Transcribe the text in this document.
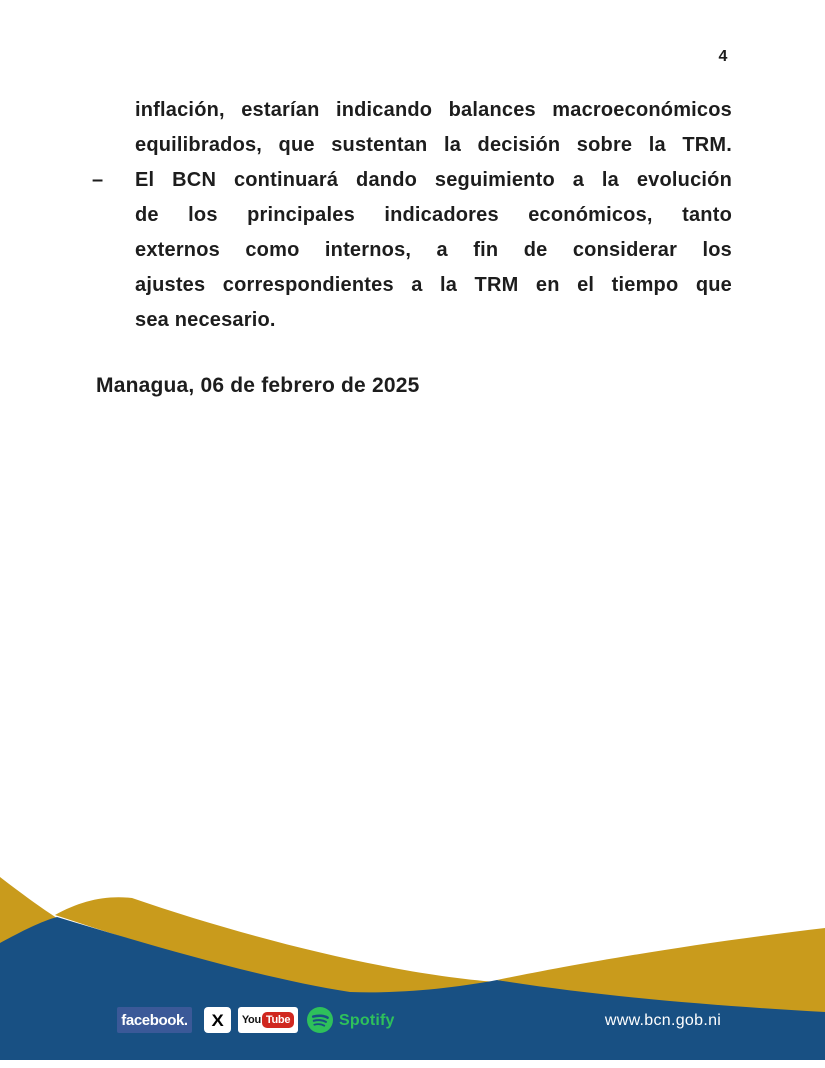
4
–
inflación, estarían indicando balances macroeconómicos
equilibrados, que sustentan la decisión sobre la TRM.
El BCN continuará dando seguimiento a la evolución
de los principales indicadores económicos, tanto
externos como internos, a fin de considerar los
ajustes correspondientes a la TRM en el tiempo que
sea necesario.
Managua, 06 de febrero de 2025
facebook. X You Tube	Spotify	www.bcn.gob.ni
